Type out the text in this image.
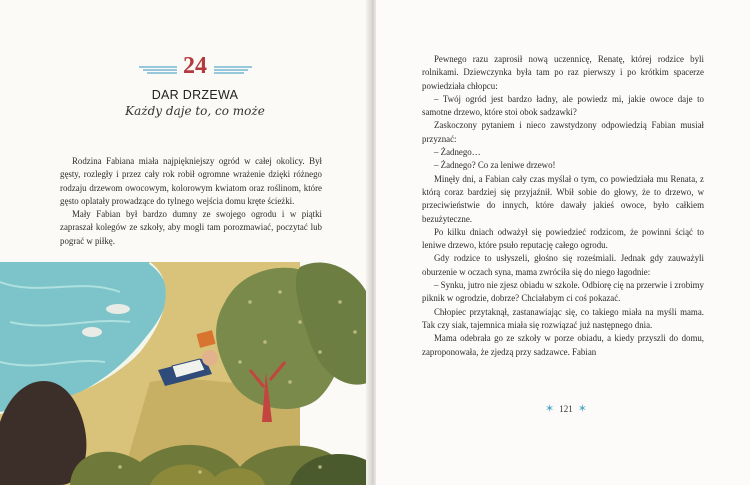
24
DAR DRZEWA
Każdy daje to, co może

Rodzina Fabiana miała najpiękniejszy ogród w całej okolicy. Był gęsty, rozległy i przez cały rok robił ogromne wrażenie dzięki różnego rodzaju drzewom owocowym, kolorowym kwiatom oraz roślinom, które gęsto oplatały prowadzące do tylnego wejścia domu kręte ścieżki.

Mały Fabian był bardzo dumny ze swojego ogrodu i w piątki zapraszał kolegów ze szkoły, aby mogli tam porozmawiać, poczytać lub pograć w piłkę.

Pewnego razu zaprosił nową uczennicę, Renatę, której rodzice byli rolnikami. Dziewczynka była tam po raz pierwszy i po krótkim spacerze powiedziała chłopcu:

– Twój ogród jest bardzo ładny, ale powiedz mi, jakie owoce daje to samotne drzewo, które stoi obok sadzawki?

Zaskoczony pytaniem i nieco zawstydzony odpowiedzią Fabian musiał przyznać:

– Żadnego…

– Żadnego? Co za leniwe drzewo!

Minęły dni, a Fabian cały czas myślał o tym, co powiedziała mu Renata, z którą coraz bardziej się przyjaźnił. Wbił sobie do głowy, że to drzewo, w przeciwieństwie do innych, które dawały jakieś owoce, było całkiem bezużyteczne.

Po kilku dniach odważył się powiedzieć rodzicom, że powinni ściąć to leniwe drzewo, które psuło reputację całego ogrodu.

Gdy rodzice to usłyszeli, głośno się roześmiali. Jednak gdy zauważyli oburzenie w oczach syna, mama zwróciła się do niego łagodnie:

– Synku, jutro nie zjesz obiadu w szkole. Odbiorę cię na przerwie i zrobimy piknik w ogrodzie, dobrze? Chciałabym ci coś pokazać.

Chłopiec przytaknął, zastanawiając się, co takiego miała na myśli mama. Tak czy siak, tajemnica miała się rozwiązać już następnego dnia.

Mama odebrała go ze szkoły w porze obiadu, a kiedy przyszli do domu, zaproponowała, że zjedzą przy sadzawce. Fabian

✶ 121 ✶
